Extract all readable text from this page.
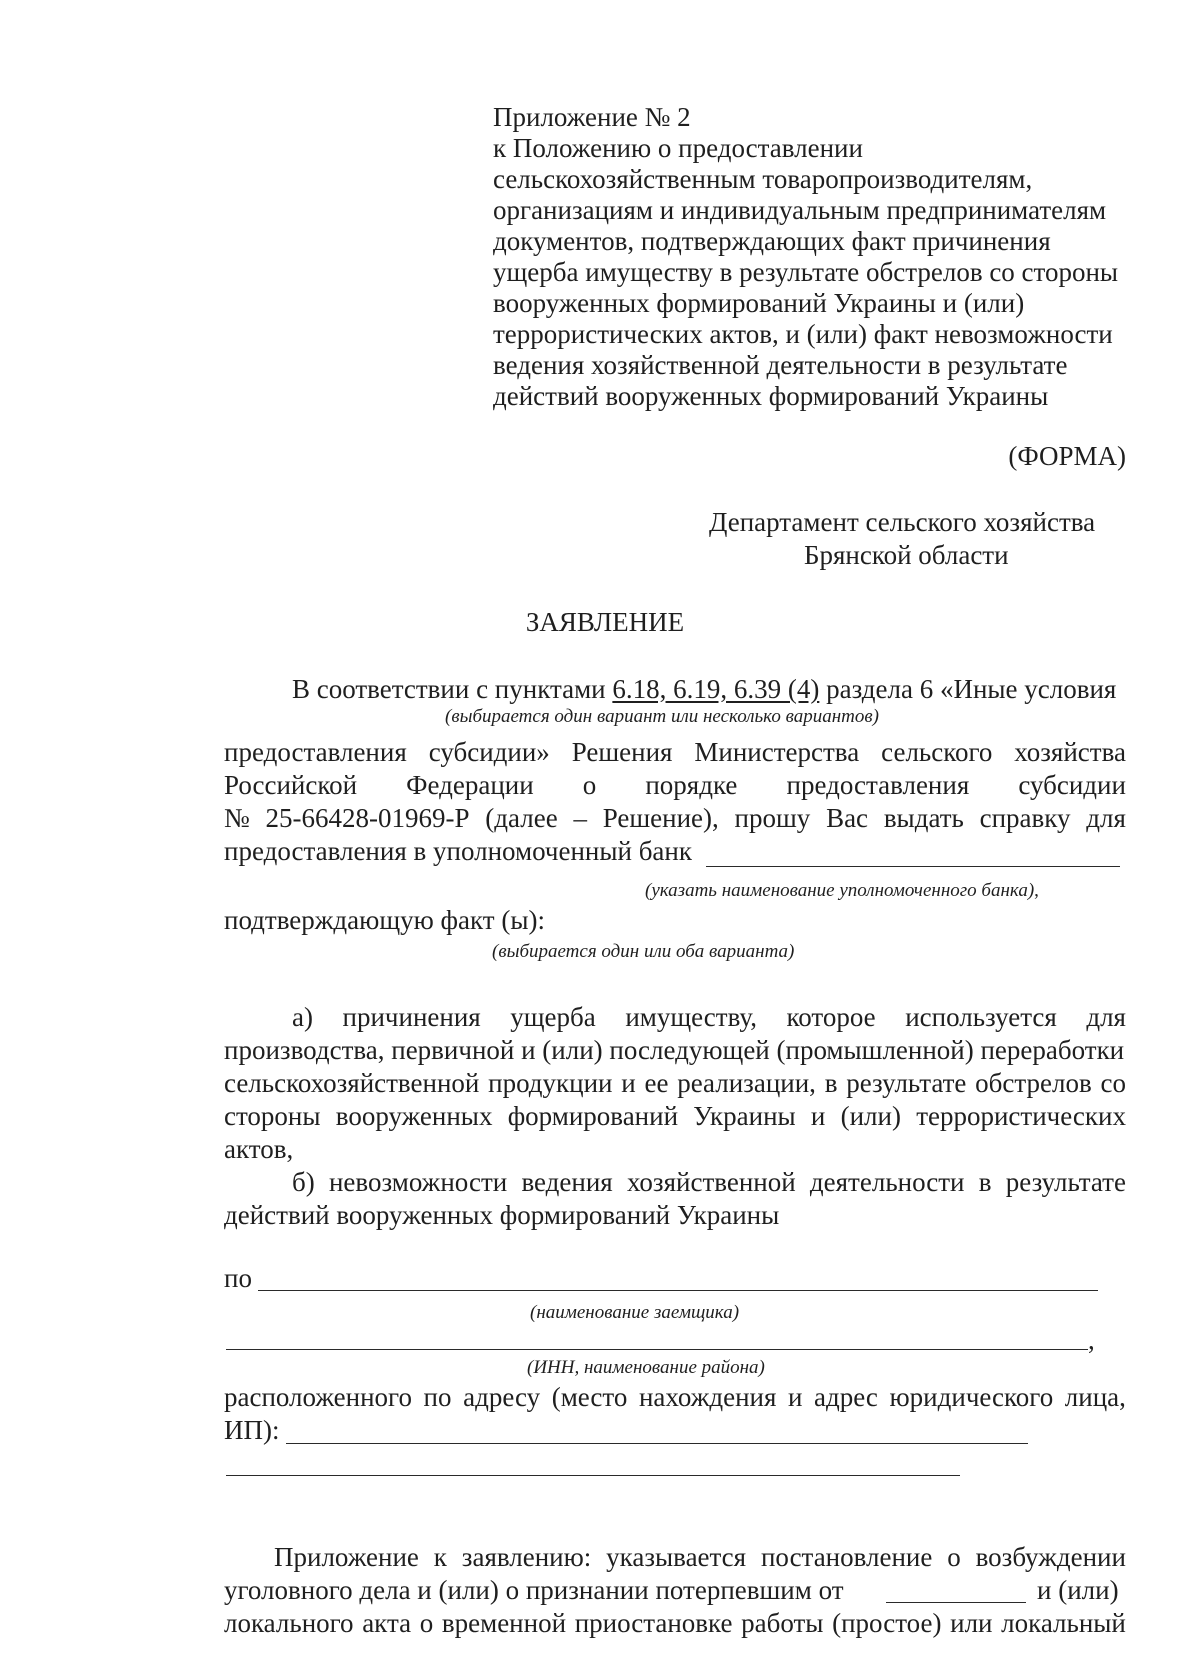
Приложение № 2
к Положению о предоставлении
сельскохозяйственным товаропроизводителям,
организациям и индивидуальным предпринимателям
документов, подтверждающих факт причинения
ущерба имуществу в результате обстрелов со стороны
вооруженных формирований Украины и (или)
террористических актов, и (или) факт невозможности
ведения хозяйственной деятельности в результате
действий вооруженных формирований Украины
(ФОРМА)
Департамент сельского хозяйства
Брянской области
ЗАЯВЛЕНИЕ
В соответствии с пунктами 6.18, 6.19, 6.39 (4) раздела 6 «Иные условия
(выбирается один вариант или несколько вариантов)
предоставления субсидии» Решения Министерства сельского хозяйства
Российской Федерации о порядке предоставления субсидии
№ 25-66428-01969-Р (далее – Решение), прошу Вас выдать справку для
предоставления в уполномоченный банк
(указать наименование уполномоченного банка),
подтверждающую факт (ы):
(выбирается один или оба варианта)
а) причинения ущерба имуществу, которое используется для
производства, первичной и (или) последующей (промышленной) переработки
сельскохозяйственной продукции и ее реализации, в результате обстрелов со
стороны вооруженных формирований Украины и (или) террористических
актов,
б) невозможности ведения хозяйственной деятельности в результате
действий вооруженных формирований Украины
по
(наименование заемщика)
,
(ИНН, наименование района)
расположенного по адресу (место нахождения и адрес юридического лица,
ИП):
Приложение к заявлению: указывается постановление о возбуждении
уголовного дела и (или) о признании потерпевшим от	и (или)
локального акта о временной приостановке работы (простое) или локальный
